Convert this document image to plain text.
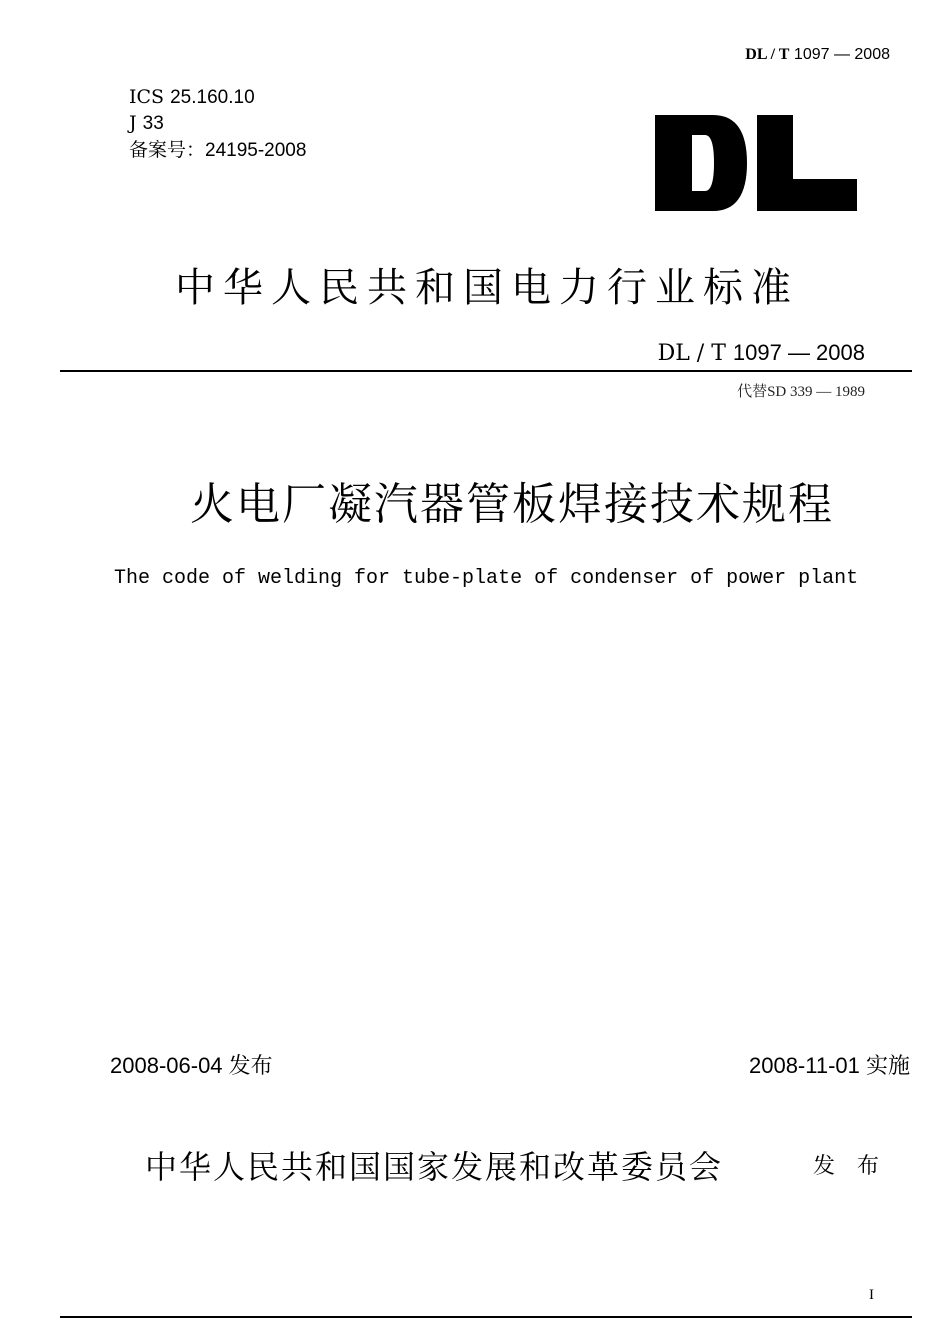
DL / T 1097 — 2008
ICS 25.160.10
J 33
备案号：24195-2008
中华人民共和国电力行业标准
DL / T 1097 — 2008
代替SD 339 — 1989
火电厂凝汽器管板焊接技术规程
The code of welding for tube-plate of condenser of power plant
2008-06-04 发布	2008-11-01 实施
中华人民共和国国家发展和改革委员会	发布
I
